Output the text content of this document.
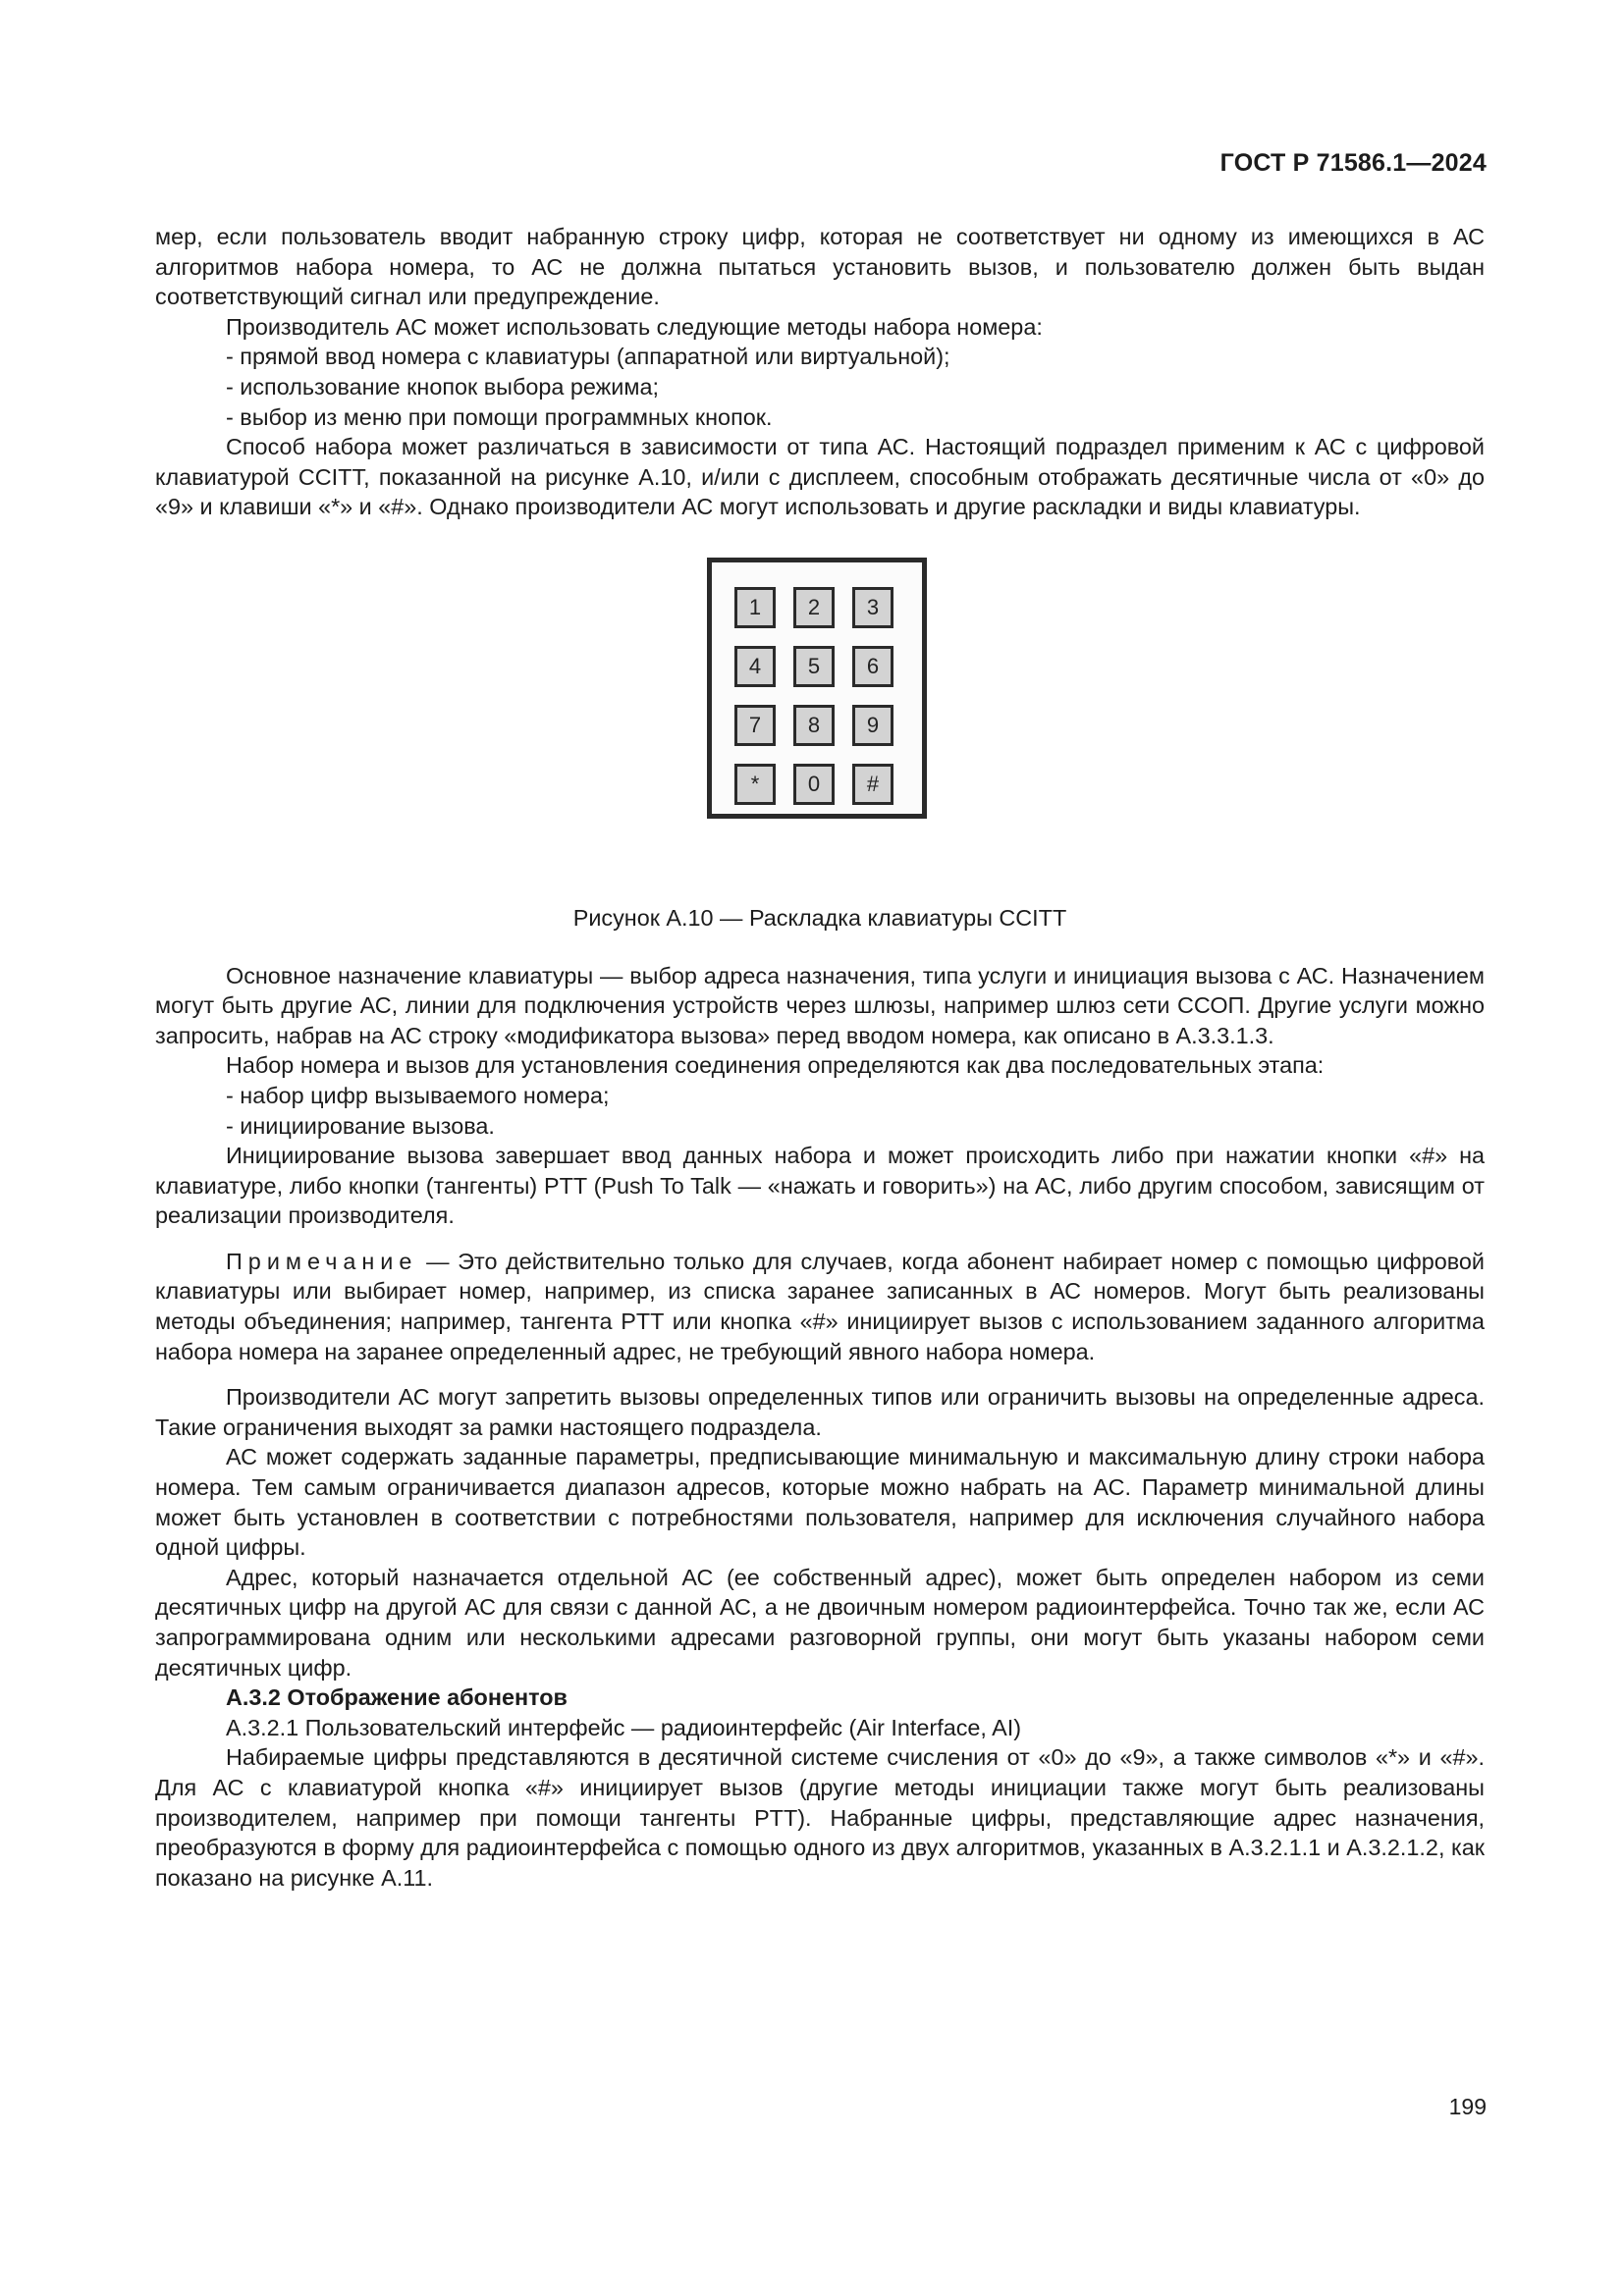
ГОСТ Р 71586.1—2024

мер, если пользователь вводит набранную строку цифр, которая не соответствует ни одному из имеющихся в АС алгоритмов набора номера, то АС не должна пытаться установить вызов, и пользователю должен быть выдан соответствующий сигнал или предупреждение.

Производитель АС может использовать следующие методы набора номера:

- прямой ввод номера с клавиатуры (аппаратной или виртуальной);

- использование кнопок выбора режима;

- выбор из меню при помощи программных кнопок.

Способ набора может различаться в зависимости от типа АС. Настоящий подраздел применим к АС с цифровой клавиатурой CCITT, показанной на рисунке А.10, и/или с дисплеем, способным отображать десятичные числа от «0» до «9» и клавиши «*» и «#». Однако производители АС могут использовать и другие раскладки и виды клавиатуры.

1	2	3
4	5	6
7	8	9
*	0	#
Рисунок А.10 — Раскладка клавиатуры CCITT

Основное назначение клавиатуры — выбор адреса назначения, типа услуги и инициация вызова с АС. Назначением могут быть другие АС, линии для подключения устройств через шлюзы, например шлюз сети ССОП. Другие услуги можно запросить, набрав на АС строку «модификатора вызова» перед вводом номера, как описано в А.3.3.1.3.

Набор номера и вызов для установления соединения определяются как два последовательных этапа:

- набор цифр вызываемого номера;

- инициирование вызова.

Инициирование вызова завершает ввод данных набора и может происходить либо при нажатии кнопки «#» на клавиатуре, либо кнопки (тангенты) PTT (Push To Talk — «нажать и говорить») на АС, либо другим способом, зависящим от реализации производителя.

Примечание — Это действительно только для случаев, когда абонент набирает номер с помощью цифровой клавиатуры или выбирает номер, например, из списка заранее записанных в АС номеров. Могут быть реализованы методы объединения; например, тангента PTT или кнопка «#» инициирует вызов с использованием заданного алгоритма набора номера на заранее определенный адрес, не требующий явного набора номера.

Производители АС могут запретить вызовы определенных типов или ограничить вызовы на определенные адреса. Такие ограничения выходят за рамки настоящего подраздела.

АС может содержать заданные параметры, предписывающие минимальную и максимальную длину строки набора номера. Тем самым ограничивается диапазон адресов, которые можно набрать на АС. Параметр минимальной длины может быть установлен в соответствии с потребностями пользователя, например для исключения случайного набора одной цифры.

Адрес, который назначается отдельной АС (ее собственный адрес), может быть определен набором из семи десятичных цифр на другой АС для связи с данной АС, а не двоичным номером радиоинтерфейса. Точно так же, если АС запрограммирована одним или несколькими адресами разговорной группы, они могут быть указаны набором семи десятичных цифр.

А.3.2 Отображение абонентов

А.3.2.1 Пользовательский интерфейс — радиоинтерфейс (Air Interface, AI)

Набираемые цифры представляются в десятичной системе счисления от «0» до «9», а также символов «*» и «#». Для АС с клавиатурой кнопка «#» инициирует вызов (другие методы инициации также могут быть реализованы производителем, например при помощи тангенты PTT). Набранные цифры, представляющие адрес назначения, преобразуются в форму для радиоинтерфейса с помощью одного из двух алгоритмов, указанных в А.3.2.1.1 и А.3.2.1.2, как показано на рисунке А.11.

199
